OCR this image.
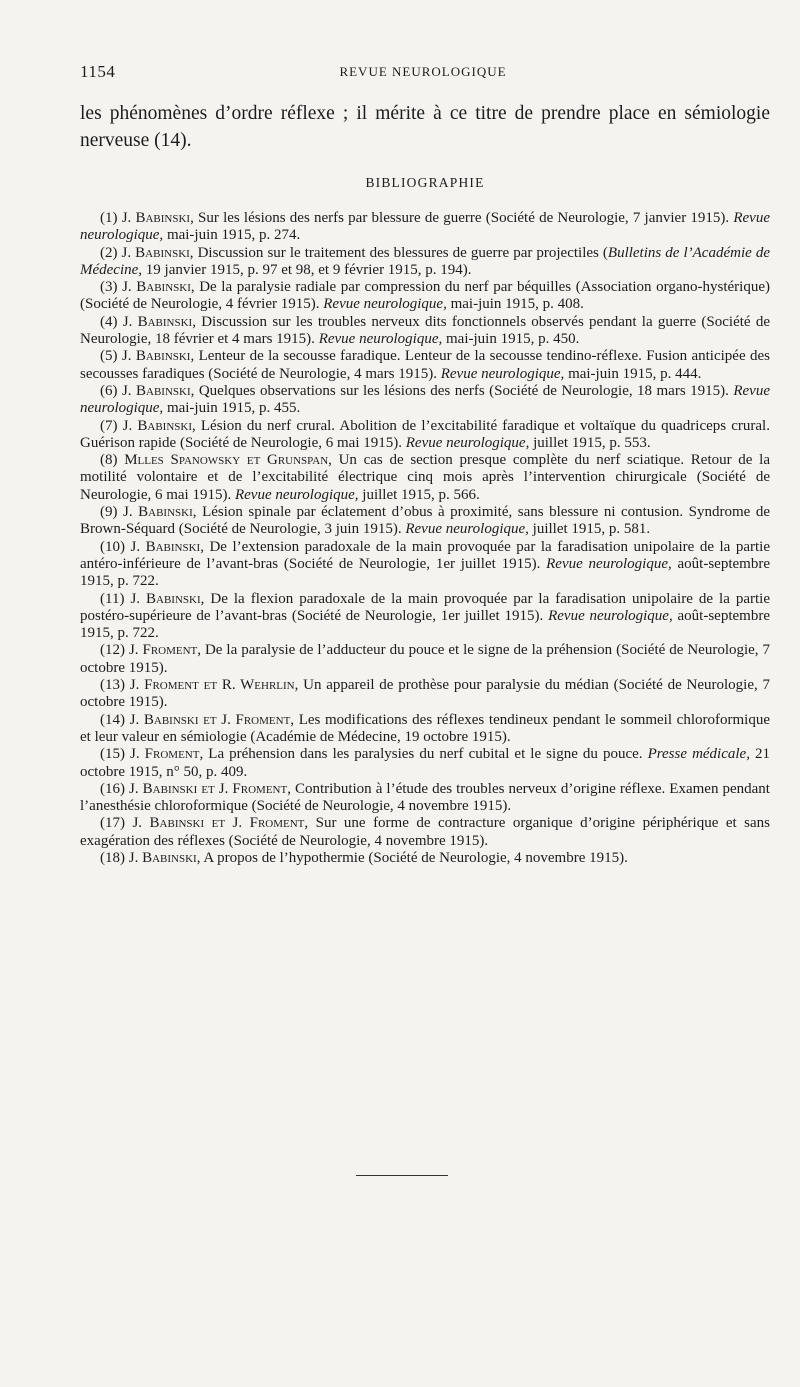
1154	REVUE NEUROLOGIQUE

les phénomènes d’ordre réflexe ; il mérite à ce titre de prendre place en sémiologie nerveuse (14).

BIBLIOGRAPHIE

(1) J. Babinski, Sur les lésions des nerfs par blessure de guerre (Société de Neurologie, 7 janvier 1915). Revue neurologique, mai-juin 1915, p. 274.

(2) J. Babinski, Discussion sur le traitement des blessures de guerre par projectiles (Bulletins de l’Académie de Médecine, 19 janvier 1915, p. 97 et 98, et 9 février 1915, p. 194).

(3) J. Babinski, De la paralysie radiale par compression du nerf par béquilles (Association organo-hystérique) (Société de Neurologie, 4 février 1915). Revue neurologique, mai-juin 1915, p. 408.

(4) J. Babinski, Discussion sur les troubles nerveux dits fonctionnels observés pendant la guerre (Société de Neurologie, 18 février et 4 mars 1915). Revue neurologique, mai-juin 1915, p. 450.

(5) J. Babinski, Lenteur de la secousse faradique. Lenteur de la secousse tendino-réflexe. Fusion anticipée des secousses faradiques (Société de Neurologie, 4 mars 1915). Revue neurologique, mai-juin 1915, p. 444.

(6) J. Babinski, Quelques observations sur les lésions des nerfs (Société de Neurologie, 18 mars 1915). Revue neurologique, mai-juin 1915, p. 455.

(7) J. Babinski, Lésion du nerf crural. Abolition de l’excitabilité faradique et voltaïque du quadriceps crural. Guérison rapide (Société de Neurologie, 6 mai 1915). Revue neurologique, juillet 1915, p. 553.

(8) Mlles Spanowsky et Grunspan, Un cas de section presque complète du nerf sciatique. Retour de la motilité volontaire et de l’excitabilité électrique cinq mois après l’intervention chirurgicale (Société de Neurologie, 6 mai 1915). Revue neurologique, juillet 1915, p. 566.

(9) J. Babinski, Lésion spinale par éclatement d’obus à proximité, sans blessure ni contusion. Syndrome de Brown-Séquard (Société de Neurologie, 3 juin 1915). Revue neurologique, juillet 1915, p. 581.

(10) J. Babinski, De l’extension paradoxale de la main provoquée par la faradisation unipolaire de la partie antéro-inférieure de l’avant-bras (Société de Neurologie, 1er juillet 1915). Revue neurologique, août-septembre 1915, p. 722.

(11) J. Babinski, De la flexion paradoxale de la main provoquée par la faradisation unipolaire de la partie postéro-supérieure de l’avant-bras (Société de Neurologie, 1er juillet 1915). Revue neurologique, août-septembre 1915, p. 722.

(12) J. Froment, De la paralysie de l’adducteur du pouce et le signe de la préhension (Société de Neurologie, 7 octobre 1915).

(13) J. Froment et R. Wehrlin, Un appareil de prothèse pour paralysie du médian (Société de Neurologie, 7 octobre 1915).

(14) J. Babinski et J. Froment, Les modifications des réflexes tendineux pendant le sommeil chloroformique et leur valeur en sémiologie (Académie de Médecine, 19 octobre 1915).

(15) J. Froment, La préhension dans les paralysies du nerf cubital et le signe du pouce. Presse médicale, 21 octobre 1915, n° 50, p. 409.

(16) J. Babinski et J. Froment, Contribution à l’étude des troubles nerveux d’origine réflexe. Examen pendant l’anesthésie chloroformique (Société de Neurologie, 4 novembre 1915).

(17) J. Babinski et J. Froment, Sur une forme de contracture organique d’origine périphérique et sans exagération des réflexes (Société de Neurologie, 4 novembre 1915).

(18) J. Babinski, A propos de l’hypothermie (Société de Neurologie, 4 novembre 1915).
